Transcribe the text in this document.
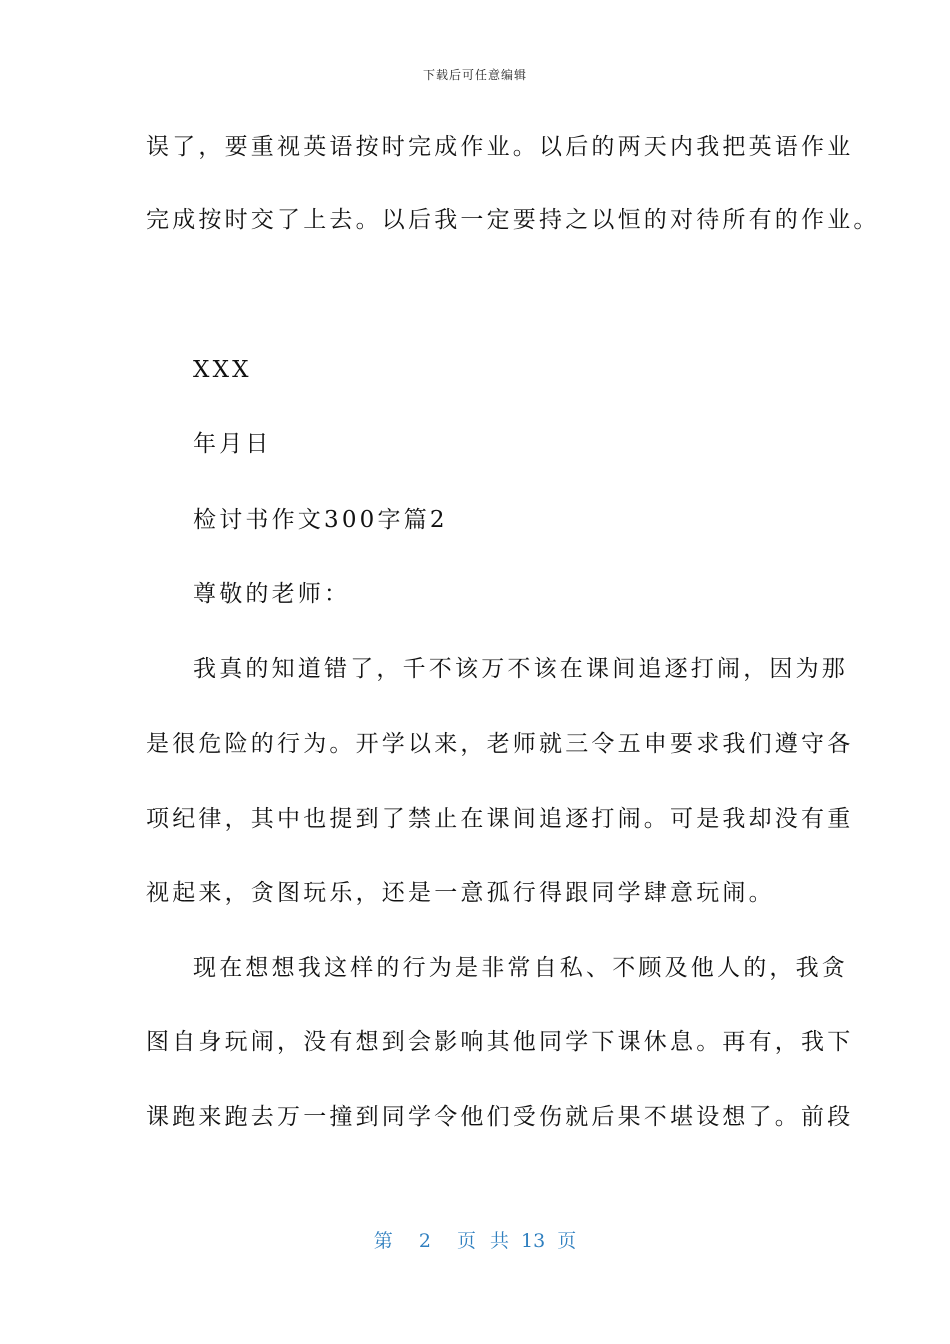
下载后可任意编辑
误了，要重视英语按时完成作业。以后的两天内我把英语作业
完成按时交了上去。以后我一定要持之以恒的对待所有的作业。
XXX
年月日
检讨书作文300字篇2
尊敬的老师：
我真的知道错了，千不该万不该在课间追逐打闹，因为那
是很危险的行为。开学以来，老师就三令五申要求我们遵守各
项纪律，其中也提到了禁止在课间追逐打闹。可是我却没有重
视起来，贪图玩乐，还是一意孤行得跟同学肆意玩闹。
现在想想我这样的行为是非常自私、不顾及他人的，我贪
图自身玩闹，没有想到会影响其他同学下课休息。再有，我下
课跑来跑去万一撞到同学令他们受伤就后果不堪设想了。前段
第 2 页 共 13 页
